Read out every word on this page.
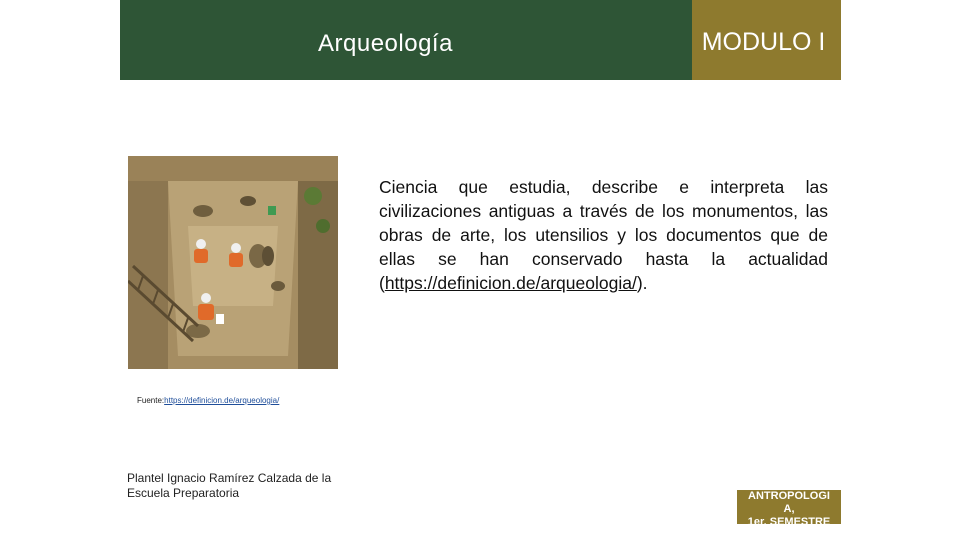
Arqueología	MODULO I

Ciencia que estudia, describe e interpreta las civilizaciones antiguas a través de los monumentos, las obras de arte, los utensilios y los documentos que de ellas se han conservado hasta la actualidad (https://definicion.de/arqueologia/).

Fuente:https://definicion.de/arqueologia/
Plantel Ignacio Ramírez Calzada de la Escuela Preparatoria	ANTROPOLOGI
A,
1er. SEMESTRE
